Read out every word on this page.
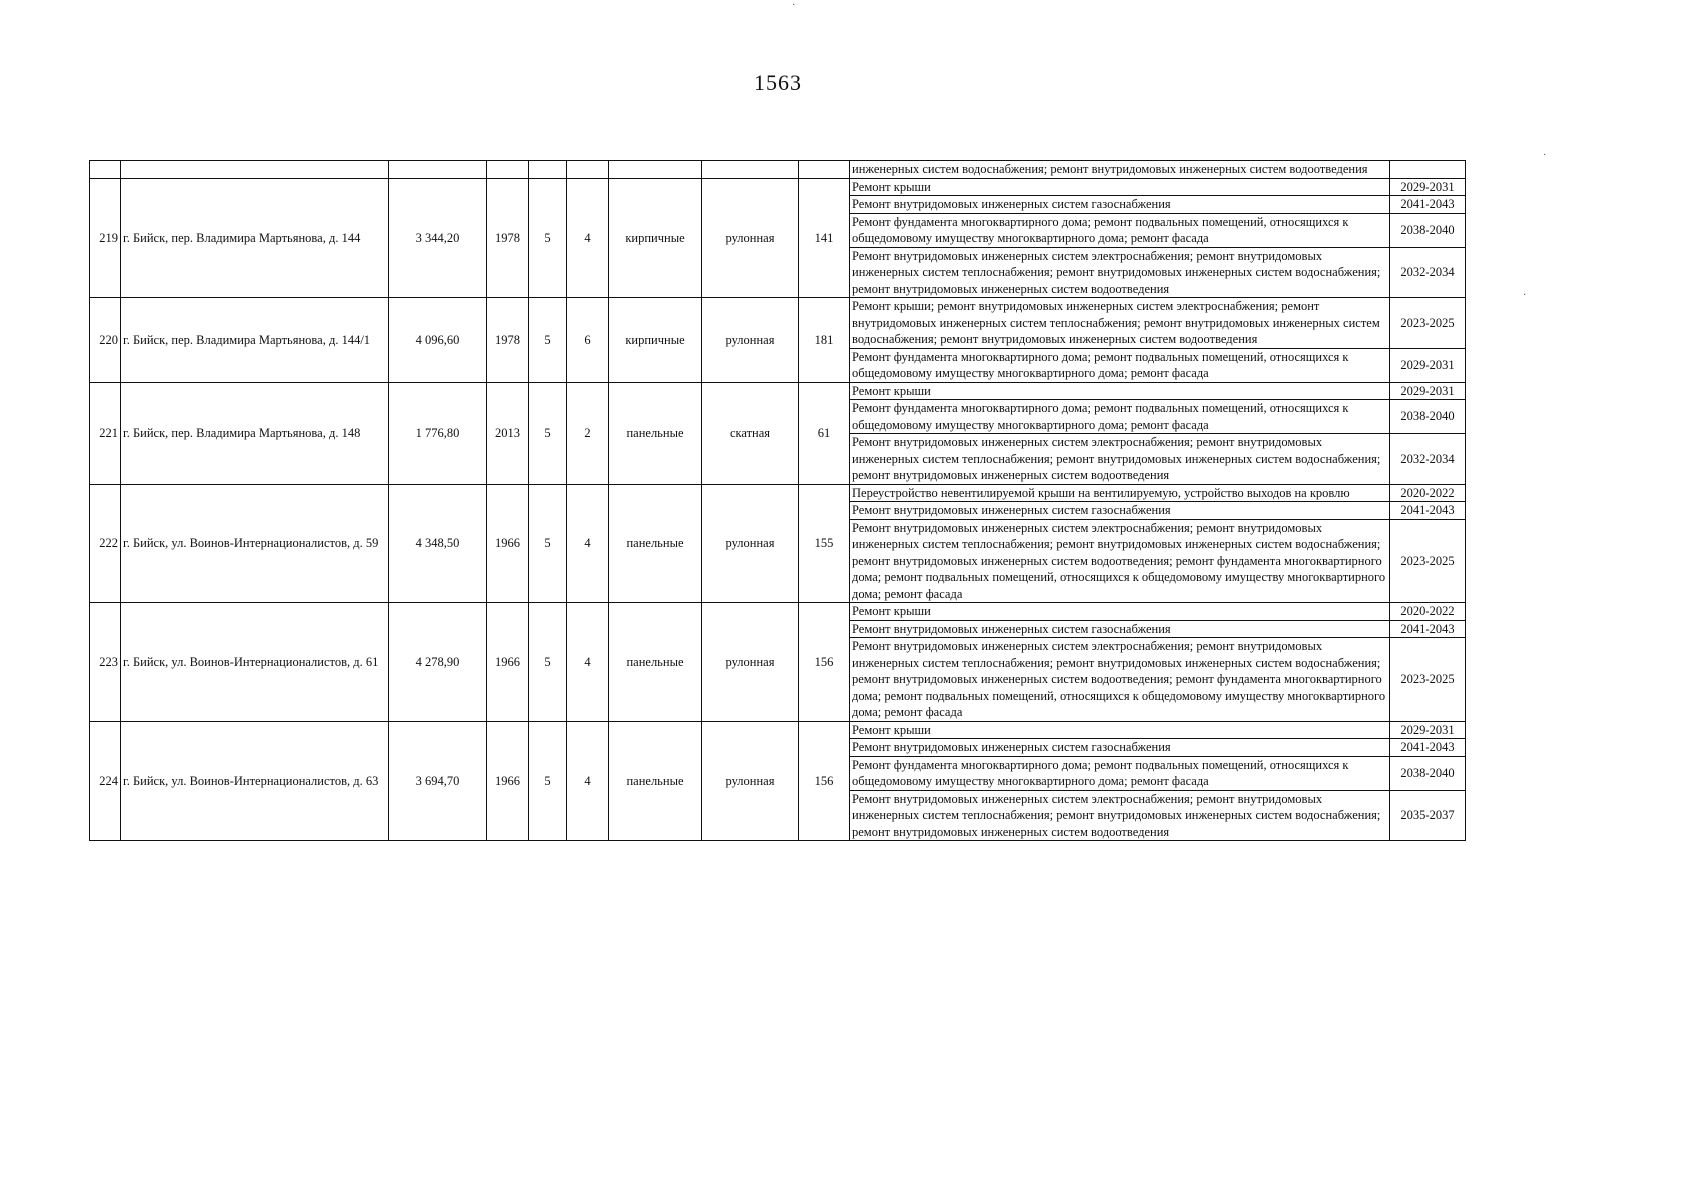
1563
									инженерных систем водоснабжения; ремонт внутридомовых инженерных систем водоотведения	
219	г. Бийск, пер. Владимира Мартьянова, д. 144	3 344,20	1978	5	4	кирпичные	рулонная	141	Ремонт крыши	2029-2031
									Ремонт внутридомовых инженерных систем газоснабжения	2041-2043
									Ремонт фундамента многоквартирного дома; ремонт подвальных помещений, относящихся к общедомовому имуществу многоквартирного дома; ремонт фасада	2038-2040
									Ремонт внутридомовых инженерных систем электроснабжения; ремонт внутридомовых инженерных систем теплоснабжения; ремонт внутридомовых инженерных систем водоснабжения; ремонт внутридомовых инженерных систем водоотведения	2032-2034
220	г. Бийск, пер. Владимира Мартьянова, д. 144/1	4 096,60	1978	5	6	кирпичные	рулонная	181	Ремонт крыши; ремонт внутридомовых инженерных систем электроснабжения; ремонт внутридомовых инженерных систем теплоснабжения; ремонт внутридомовых инженерных систем водоснабжения; ремонт внутридомовых инженерных систем водоотведения	2023-2025
									Ремонт фундамента многоквартирного дома; ремонт подвальных помещений, относящихся к общедомовому имуществу многоквартирного дома; ремонт фасада	2029-2031
221	г. Бийск, пер. Владимира Мартьянова, д. 148	1 776,80	2013	5	2	панельные	скатная	61	Ремонт крыши	2029-2031
									Ремонт фундамента многоквартирного дома; ремонт подвальных помещений, относящихся к общедомовому имуществу многоквартирного дома; ремонт фасада	2038-2040
									Ремонт внутридомовых инженерных систем электроснабжения; ремонт внутридомовых инженерных систем теплоснабжения; ремонт внутридомовых инженерных систем водоснабжения; ремонт внутридомовых инженерных систем водоотведения	2032-2034
222	г. Бийск, ул. Воинов-Интернационалистов, д. 59	4 348,50	1966	5	4	панельные	рулонная	155	Переустройство невентилируемой крыши на вентилируемую, устройство выходов на кровлю	2020-2022
									Ремонт внутридомовых инженерных систем газоснабжения	2041-2043
									Ремонт внутридомовых инженерных систем электроснабжения; ремонт внутридомовых инженерных систем теплоснабжения; ремонт внутридомовых инженерных систем водоснабжения; ремонт внутридомовых инженерных систем водоотведения; ремонт фундамента многоквартирного дома; ремонт подвальных помещений, относящихся к общедомовому имуществу многоквартирного дома; ремонт фасада	2023-2025
223	г. Бийск, ул. Воинов-Интернационалистов, д. 61	4 278,90	1966	5	4	панельные	рулонная	156	Ремонт крыши	2020-2022
									Ремонт внутридомовых инженерных систем газоснабжения	2041-2043
									Ремонт внутридомовых инженерных систем электроснабжения; ремонт внутридомовых инженерных систем теплоснабжения; ремонт внутридомовых инженерных систем водоснабжения; ремонт внутридомовых инженерных систем водоотведения; ремонт фундамента многоквартирного дома; ремонт подвальных помещений, относящихся к общедомовому имуществу многоквартирного дома; ремонт фасада	2023-2025
224	г. Бийск, ул. Воинов-Интернационалистов, д. 63	3 694,70	1966	5	4	панельные	рулонная	156	Ремонт крыши	2029-2031
									Ремонт внутридомовых инженерных систем газоснабжения	2041-2043
									Ремонт фундамента многоквартирного дома; ремонт подвальных помещений, относящихся к общедомовому имуществу многоквартирного дома; ремонт фасада	2038-2040
									Ремонт внутридомовых инженерных систем электроснабжения; ремонт внутридомовых инженерных систем теплоснабжения; ремонт внутридомовых инженерных систем водоснабжения; ремонт внутридомовых инженерных систем водоотведения	2035-2037
·
·
·
